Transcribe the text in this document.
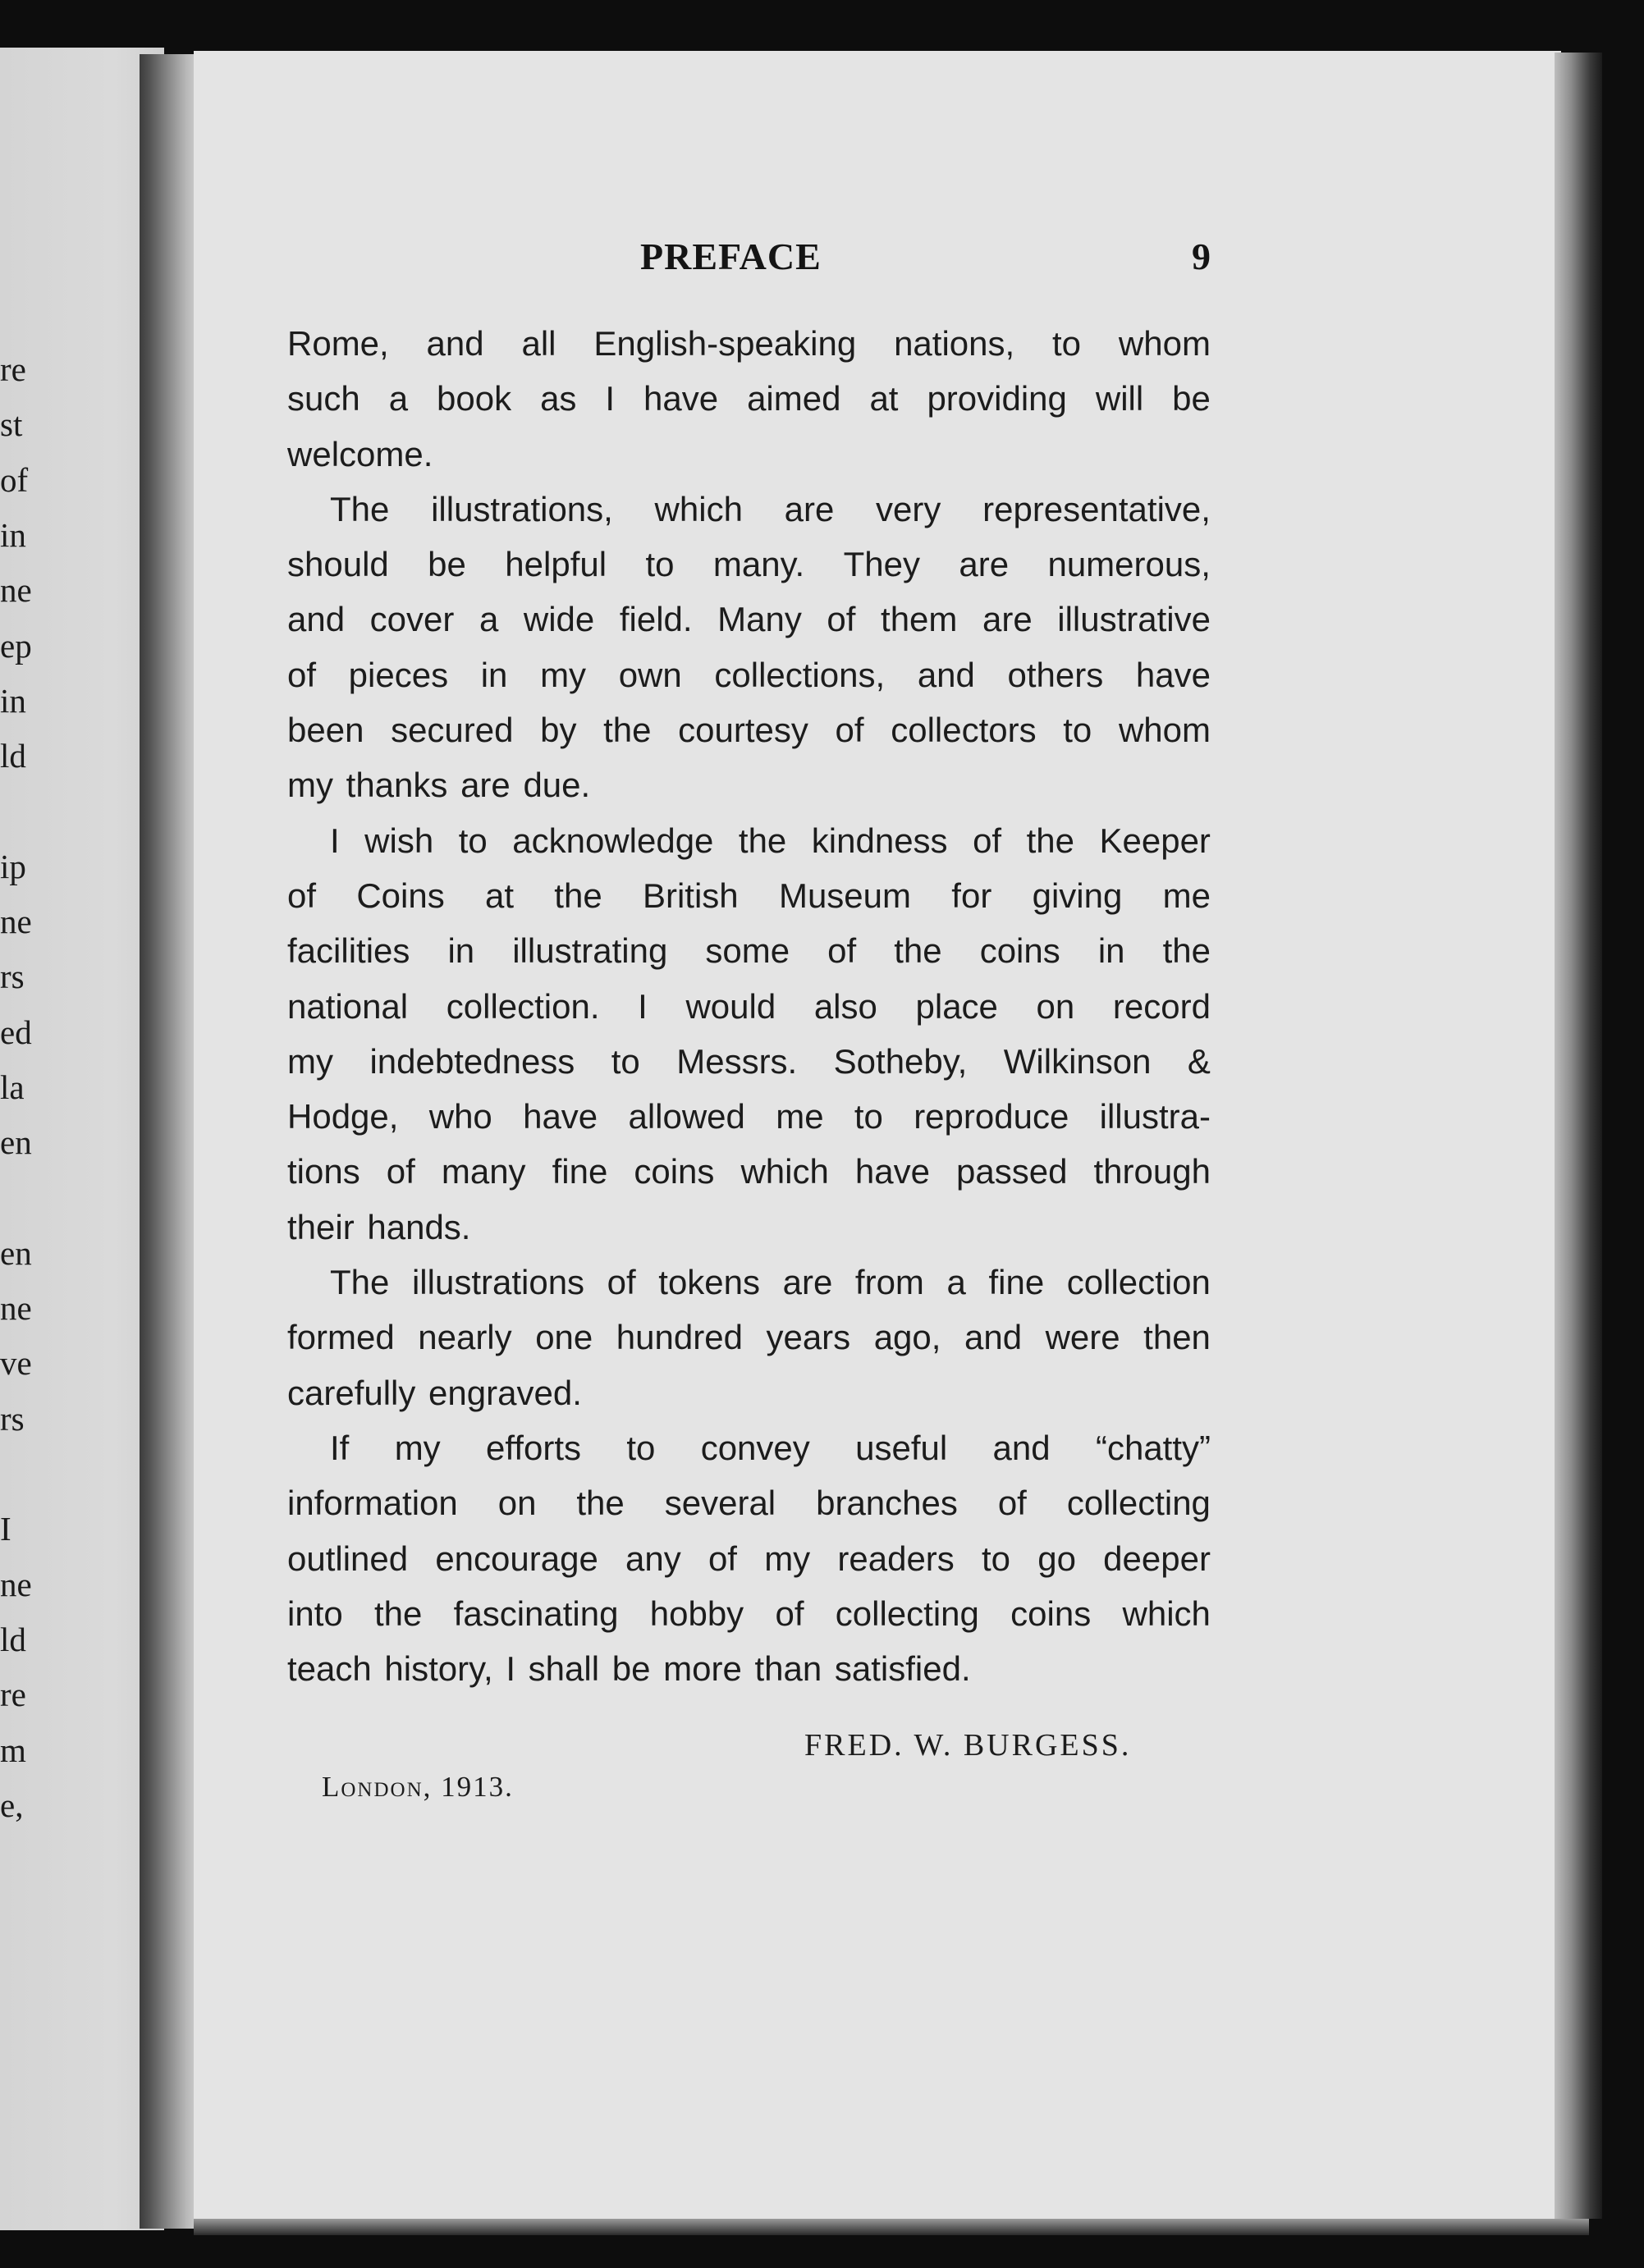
re
st
of
in
ne
ep
in
ld
ip
ne
rs
ed
la
en
en
ne
ve
rs
I
ne
ld
re
m
e,
PREFACE	9
Rome, and all English-speaking nations, to whom
such a book as I have aimed at providing will be
welcome.
The illustrations, which are very representative,
should be helpful to many. They are numerous,
and cover a wide field. Many of them are illustrative
of pieces in my own collections, and others have
been secured by the courtesy of collectors to whom
my thanks are due.
I wish to acknowledge the kindness of the Keeper
of Coins at the British Museum for giving me
facilities in illustrating some of the coins in the
national collection. I would also place on record
my indebtedness to Messrs. Sotheby, Wilkinson &
Hodge, who have allowed me to reproduce illustra-
tions of many fine coins which have passed through
their hands.
The illustrations of tokens are from a fine collection
formed nearly one hundred years ago, and were then
carefully engraved.
If my efforts to convey useful and “chatty”
information on the several branches of collecting
outlined encourage any of my readers to go deeper
into the fascinating hobby of collecting coins which
teach history, I shall be more than satisfied.
FRED. W. BURGESS.
London, 1913.
